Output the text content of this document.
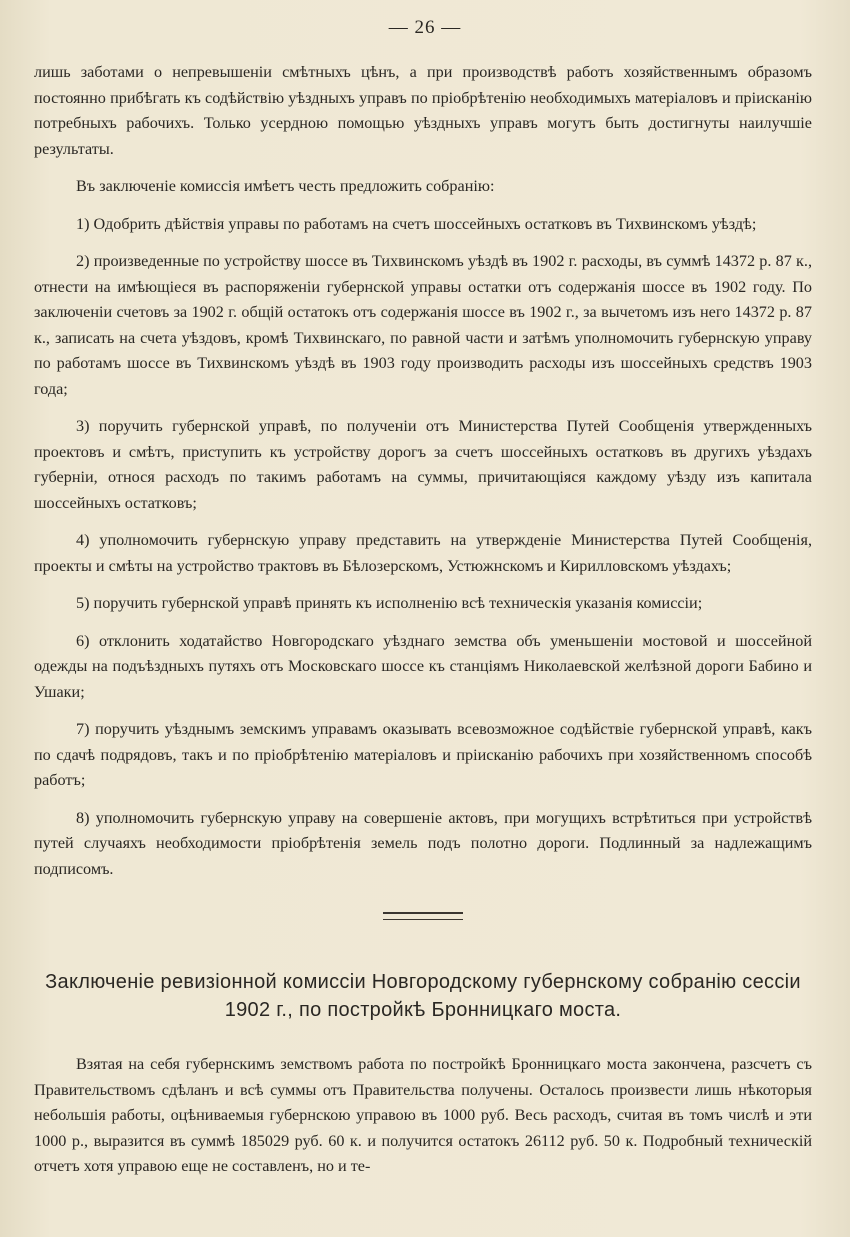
— 26 —

лишь заботами о непревышенiи смѣтныхъ цѣнъ, а при производствѣ работъ хозяйственнымъ образомъ постоянно прибѣгать къ содѣйствiю уѣздныхъ управъ по прiобрѣтенiю необходимыхъ матерiаловъ и прiисканiю потребныхъ рабочихъ. Только усердною помощью уѣздныхъ управъ могутъ быть достигнуты наилучшiе результаты.

Въ заключенiе комиссiя имѣетъ честь предложить собранiю:

1) Одобрить дѣйствiя управы по работамъ на счетъ шоссейныхъ остатковъ въ Тихвинскомъ уѣздѣ;

2) произведенные по устройству шоссе въ Тихвинскомъ уѣздѣ въ 1902 г. расходы, въ суммѣ 14372 р. 87 к., отнести на имѣющiеся въ распоряженiи губернской управы остатки отъ содержанiя шоссе въ 1902 году. По заключенiи счетовъ за 1902 г. общiй остатокъ отъ содержанiя шоссе въ 1902 г., за вычетомъ изъ него 14372 р. 87 к., записать на счета уѣздовъ, кромѣ Тихвинскаго, по равной части и затѣмъ уполномочить губернскую управу по работамъ шоссе въ Тихвинскомъ уѣздѣ въ 1903 году производить расходы изъ шоссейныхъ средствъ 1903 года;

3) поручить губернской управѣ, по полученiи отъ Министерства Путей Сообщенiя утвержденныхъ проектовъ и смѣтъ, приступить къ устройству дорогъ за счетъ шоссейныхъ остатковъ въ другихъ уѣздахъ губернiи, относя расходъ по такимъ работамъ на суммы, причитающiяся каждому уѣзду изъ капитала шоссейныхъ остатковъ;

4) уполномочить губернскую управу представить на утвержденiе Министерства Путей Сообщенiя, проекты и смѣты на устройство трактовъ въ Бѣлозерскомъ, Устюжнскомъ и Кирилловскомъ уѣздахъ;

5) поручить губернской управѣ принять къ исполненiю всѣ техническiя указанiя комиссiи;

6) отклонить ходатайство Новгородскаго уѣзднаго земства объ уменьшенiи мостовой и шоссейной одежды на подъѣздныхъ путяхъ отъ Московскаго шоссе къ станцiямъ Николаевской желѣзной дороги Бабино и Ушаки;

7) поручить уѣзднымъ земскимъ управамъ оказывать всевозможное содѣйствiе губернской управѣ, какъ по сдачѣ подрядовъ, такъ и по прiобрѣтенiю матерiаловъ и прiисканiю рабочихъ при хозяйственномъ способѣ работъ;

8) уполномочить губернскую управу на совершенiе актовъ, при могущихъ встрѣтиться при устройствѣ путей случаяхъ необходимости прiобрѣтенiя земель подъ полотно дороги. Подлинный за надлежащимъ подписомъ.

Заключенiе ревизiонной комиссiи Новгородскому губернскому собранiю сессiи 1902 г., по постройкѣ Бронницкаго моста.

Взятая на себя губернскимъ земствомъ работа по постройкѣ Бронницкаго моста закончена, разсчетъ съ Правительствомъ сдѣланъ и всѣ суммы отъ Правительства получены. Осталось произвести лишь нѣкоторыя небольшiя работы, оцѣниваемыя губернскою управою въ 1000 руб. Весь расходъ, считая въ томъ числѣ и эти 1000 р., выразится въ суммѣ 185029 руб. 60 к. и получится остатокъ 26112 руб. 50 к. Подробный техническiй отчетъ хотя управою еще не составленъ, но и те-
